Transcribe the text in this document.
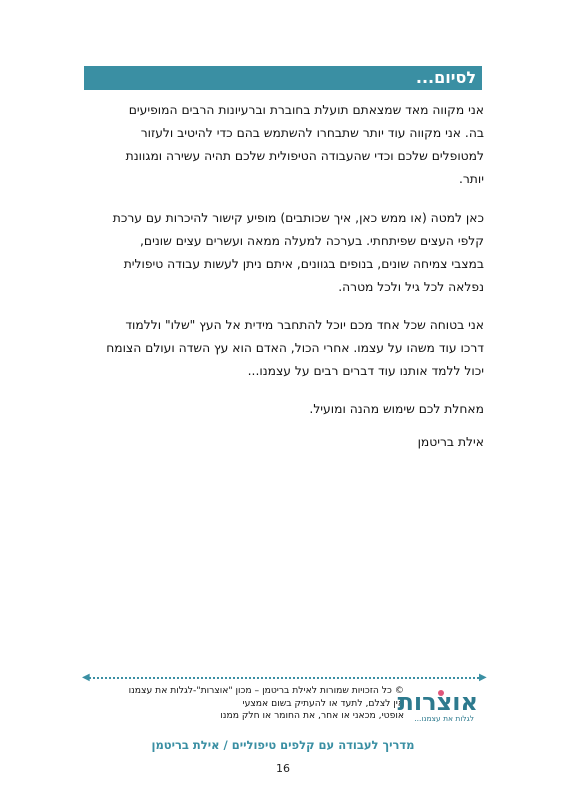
לסיום...
אני מקווה מאד שמצאתם תועלת בחוברת וברעיונות הרבים המופיעים
בה. אני מקווה עוד יותר שתבחרו להשתמש בהם כדי להיטיב ולעזור
למטופלים שלכם וכדי שהעבודה הטיפולית שלכם תהיה עשירה ומגוונת
יותר.
כאן למטה (או ממש כאן, איך שכותבים) מופיע קישור להיכרות עם ערכת
קלפי העצים שפיתחתי. בערכה למעלה ממאה ועשרים עצים שונים,
במצבי צמיחה שונים, בנופים בגוונים, איתם ניתן לעשות עבודה טיפולית
נפלאה לכל גיל ולכל מטרה.
אני בטוחה שכל אחד מכם יוכל להתחבר מידית אל העץ "שלו" וללמוד
דרכו עוד משהו על עצמו. אחרי הכול, האדם הוא עץ השדה ועולם הצומח
יכול ללמד אותנו עוד דברים רבים על עצמנו...
מאחלת לכם שימוש מהנה ומועיל.
אילת בריטמן
◀	▶
© כל הזכויות שמורות לאילת בריטמן – מכון "אוצרות"-לגלות את עצמנו
אין לצלם, לתעד או להעתיק בשום אמצעי
אופטי, מכאני או אחר, את החומר או חלק ממנו
אוצרות
לגלות את עצמנו...
מדריך לעבודה עם קלפים טיפוליים / אילת בריטמן
16
